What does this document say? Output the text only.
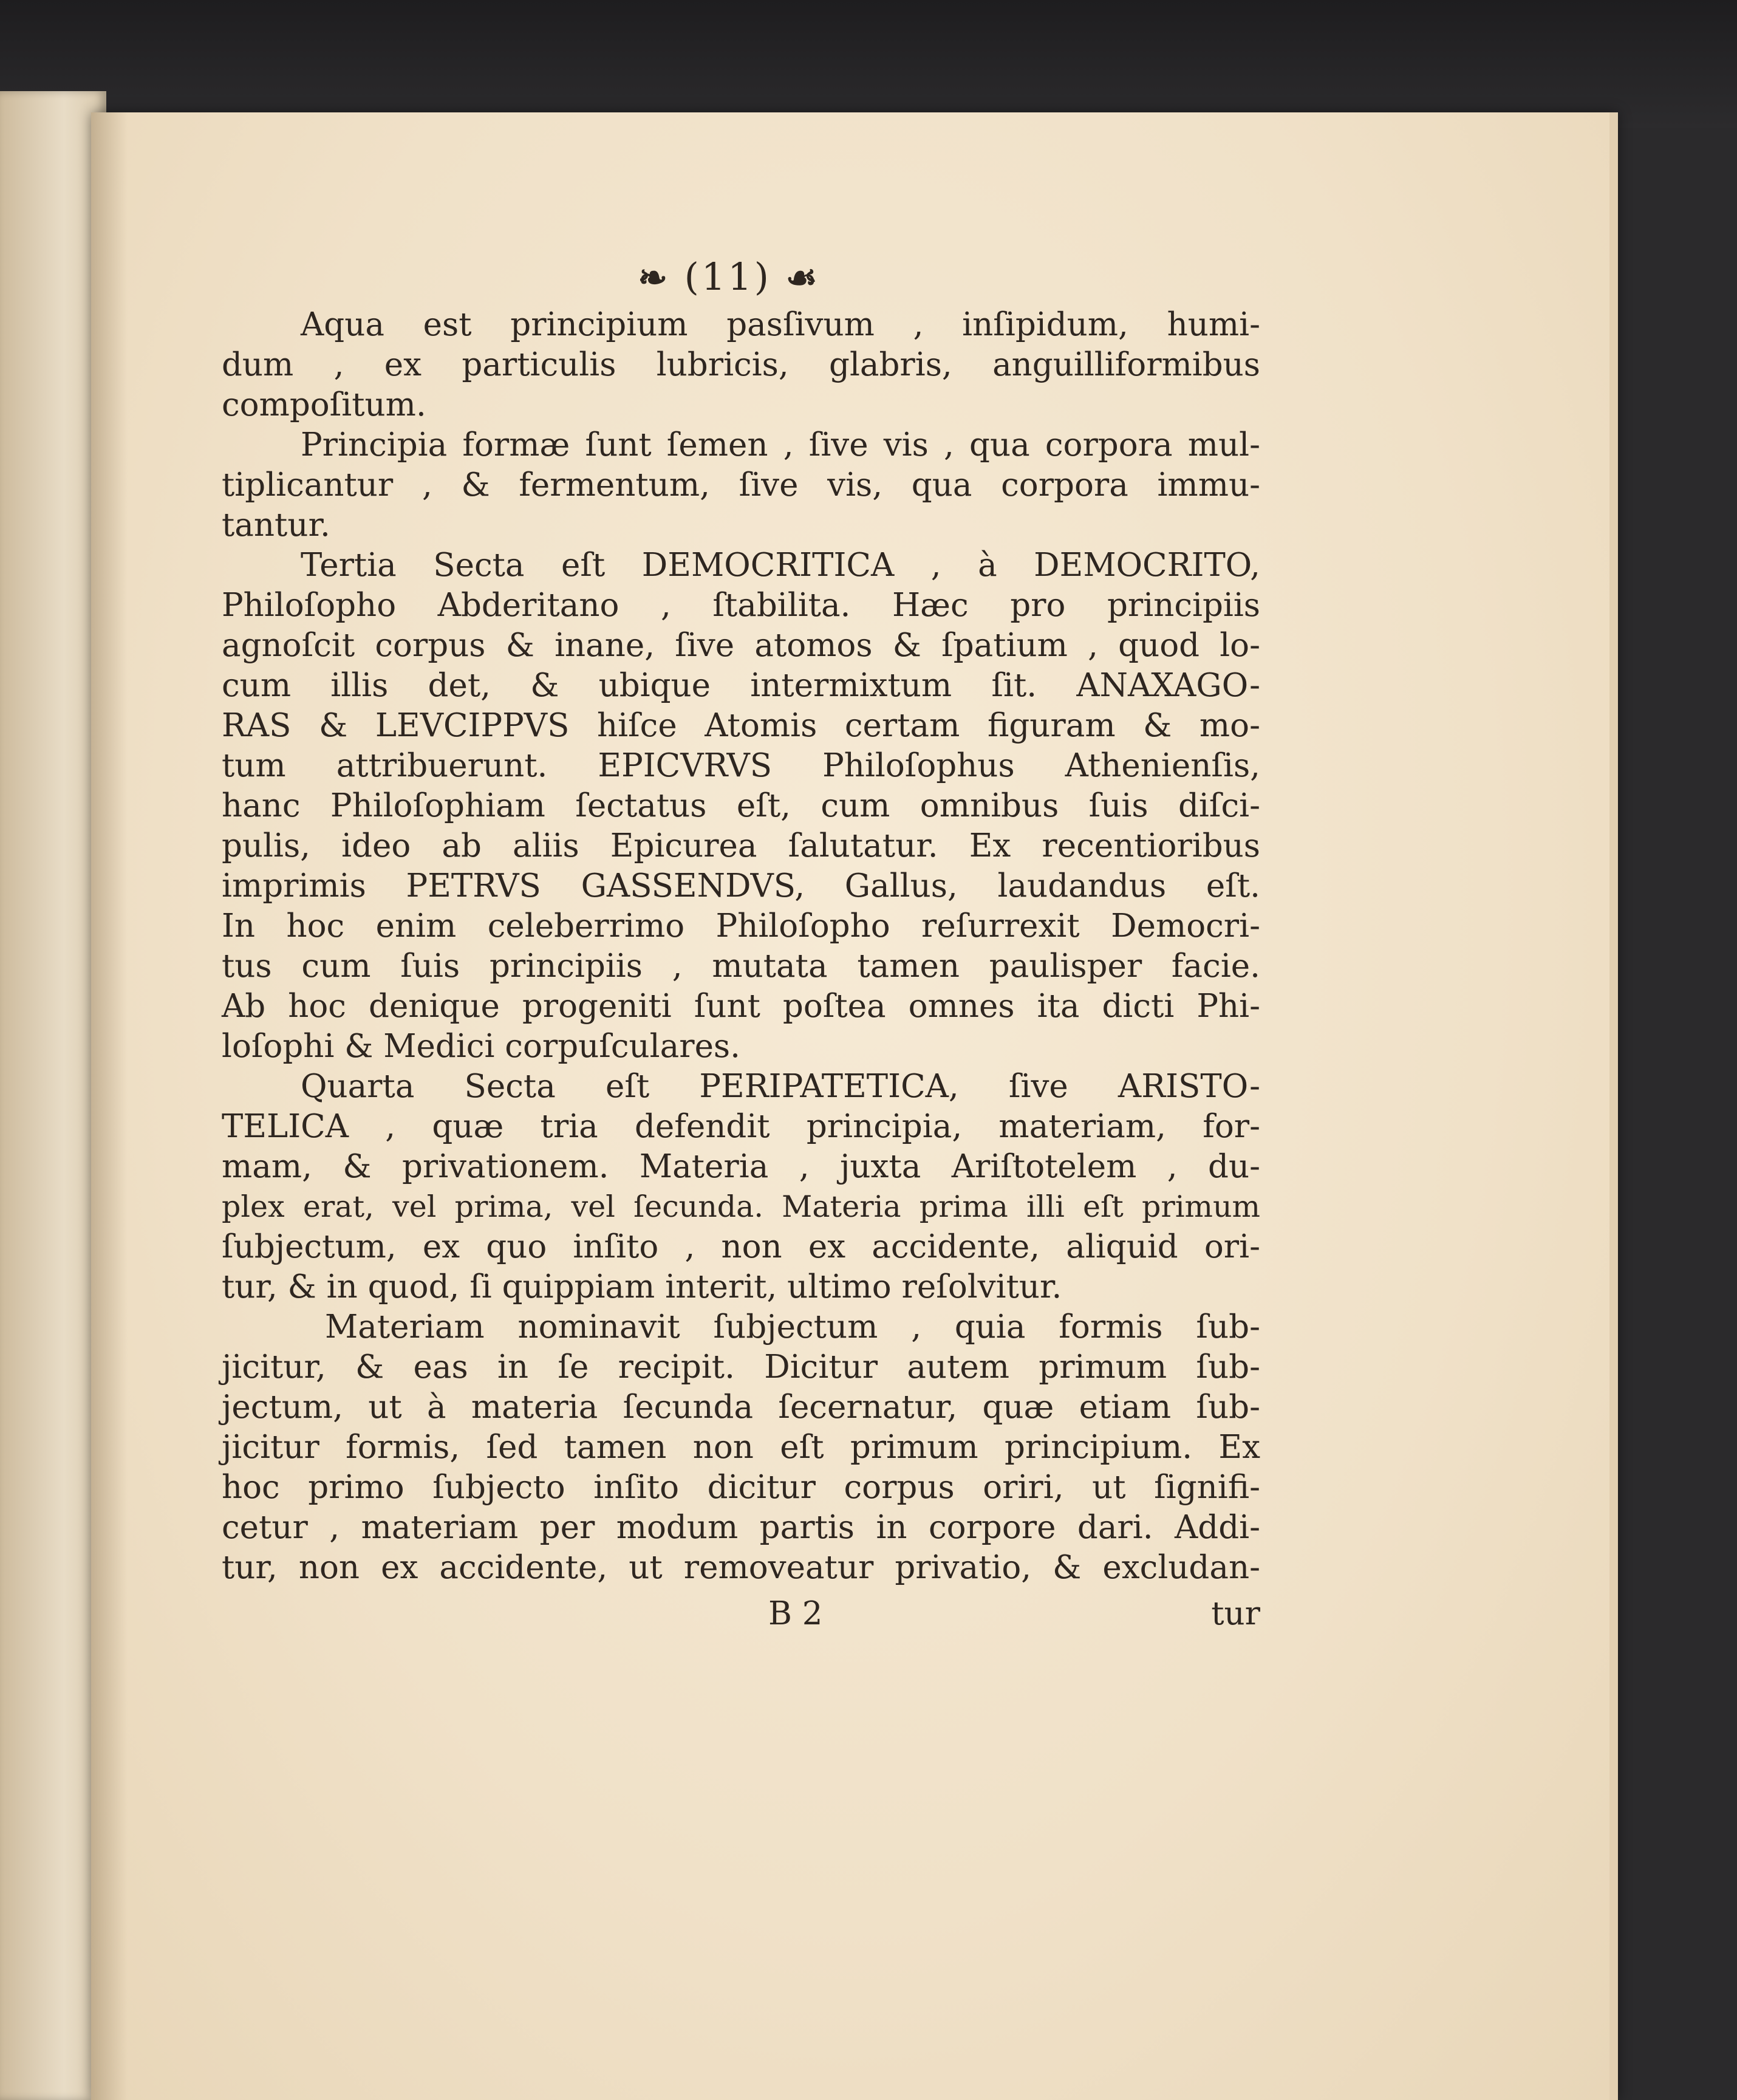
❧ (11) ☙
Aqua est principium pasſivum , inſipidum, humi-
dum , ex particulis lubricis, glabris, anguilliformibus
compoſitum.
Principia formæ ſunt ſemen , ſive vis , qua corpora mul-
tiplicantur , & fermentum, ſive vis, qua corpora immu-
tantur.
Tertia Secta eſt DEMOCRITICA , à DEMOCRITO,
Philoſopho Abderitano , ſtabilita. Hæc pro principiis
agnoſcit corpus & inane, ſive atomos & ſpatium , quod lo-
cum illis det, & ubique intermixtum ſit. ANAXAGO-
RAS & LEVCIPPVS hiſce Atomis certam figuram & mo-
tum attribuerunt. EPICVRVS Philoſophus Athenienſis,
hanc Philoſophiam ſectatus eſt, cum omnibus ſuis diſci-
pulis, ideo ab aliis Epicurea ſalutatur. Ex recentioribus
imprimis PETRVS GASSENDVS, Gallus, laudandus eſt.
In hoc enim celeberrimo Philoſopho reſurrexit Democri-
tus cum ſuis principiis , mutata tamen paulisper facie.
Ab hoc denique progeniti ſunt poſtea omnes ita dicti Phi-
loſophi & Medici corpuſculares.
Quarta Secta eſt PERIPATETICA, ſive ARISTO-
TELICA , quæ tria defendit principia, materiam, for-
mam, & privationem. Materia , juxta Ariſtotelem , du-
plex erat, vel prima, vel ſecunda. Materia prima illi eſt primum
ſubjectum, ex quo inſito , non ex accidente, aliquid ori-
tur, & in quod, ſi quippiam interit, ultimo reſolvitur.
Materiam nominavit ſubjectum , quia formis ſub-
jicitur, & eas in ſe recipit. Dicitur autem primum ſub-
jectum, ut à materia ſecunda ſecernatur, quæ etiam ſub-
jicitur formis, ſed tamen non eſt primum principium. Ex
hoc primo ſubjecto inſito dicitur corpus oriri, ut ſignifi-
cetur , materiam per modum partis in corpore dari. Addi-
tur, non ex accidente, ut removeatur privatio, & excludan-
B 2	tur
